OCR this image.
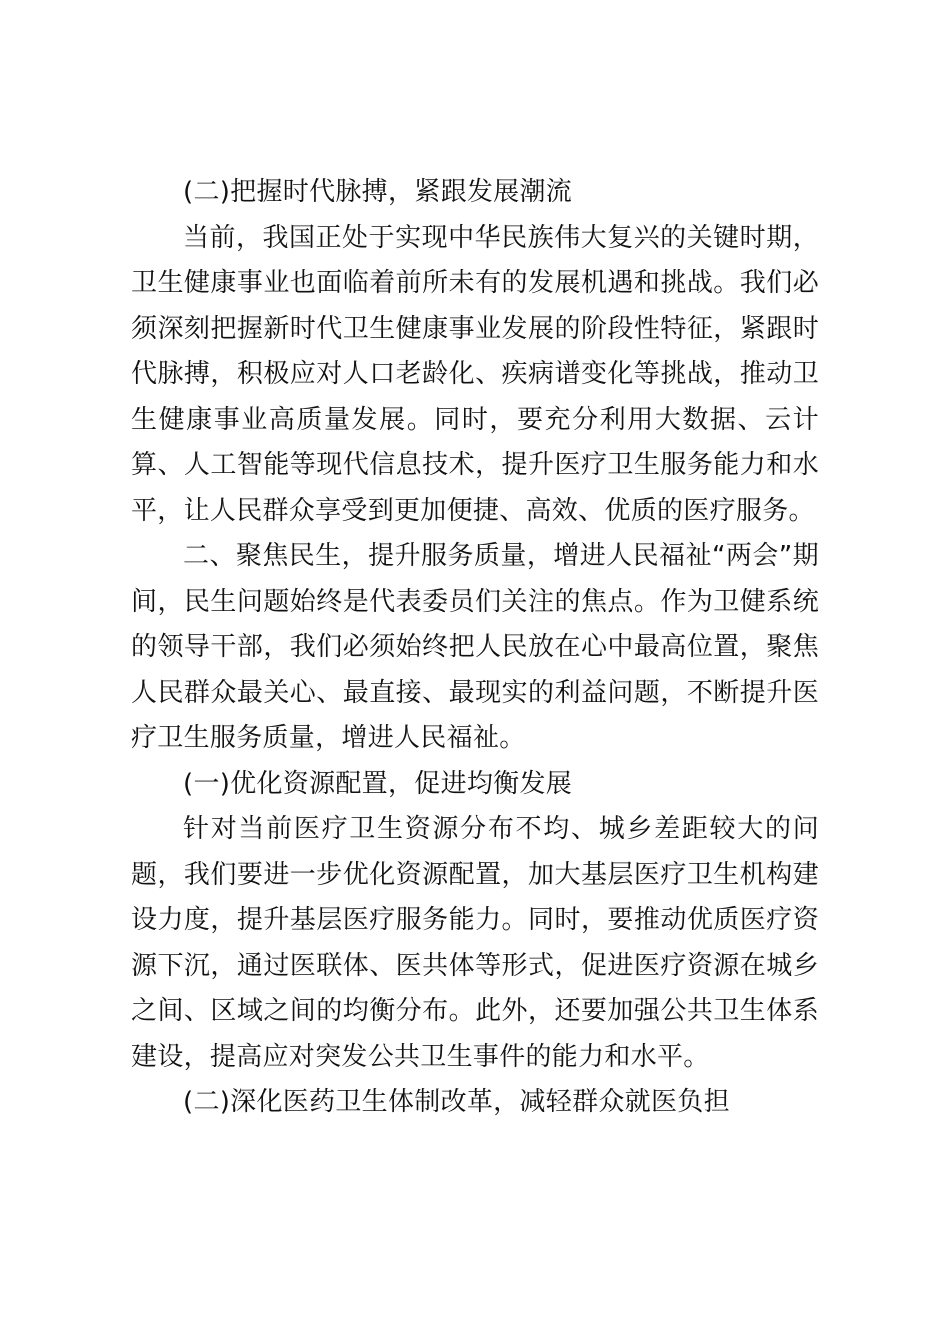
(二)把握时代脉搏，紧跟发展潮流

当前，我国正处于实现中华民族伟大复兴的关键时期，卫生健康事业也面临着前所未有的发展机遇和挑战。我们必须深刻把握新时代卫生健康事业发展的阶段性特征，紧跟时代脉搏，积极应对人口老龄化、疾病谱变化等挑战，推动卫生健康事业高质量发展。同时，要充分利用大数据、云计算、人工智能等现代信息技术，提升医疗卫生服务能力和水平，让人民群众享受到更加便捷、高效、优质的医疗服务。

二、聚焦民生，提升服务质量，增进人民福祉“两会”期间，民生问题始终是代表委员们关注的焦点。作为卫健系统的领导干部，我们必须始终把人民放在心中最高位置，聚焦人民群众最关心、最直接、最现实的利益问题，不断提升医疗卫生服务质量，增进人民福祉。

(一)优化资源配置，促进均衡发展

针对当前医疗卫生资源分布不均、城乡差距较大的问题，我们要进一步优化资源配置，加大基层医疗卫生机构建设力度，提升基层医疗服务能力。同时，要推动优质医疗资源下沉，通过医联体、医共体等形式，促进医疗资源在城乡之间、区域之间的均衡分布。此外，还要加强公共卫生体系建设，提高应对突发公共卫生事件的能力和水平。

(二)深化医药卫生体制改革，减轻群众就医负担
